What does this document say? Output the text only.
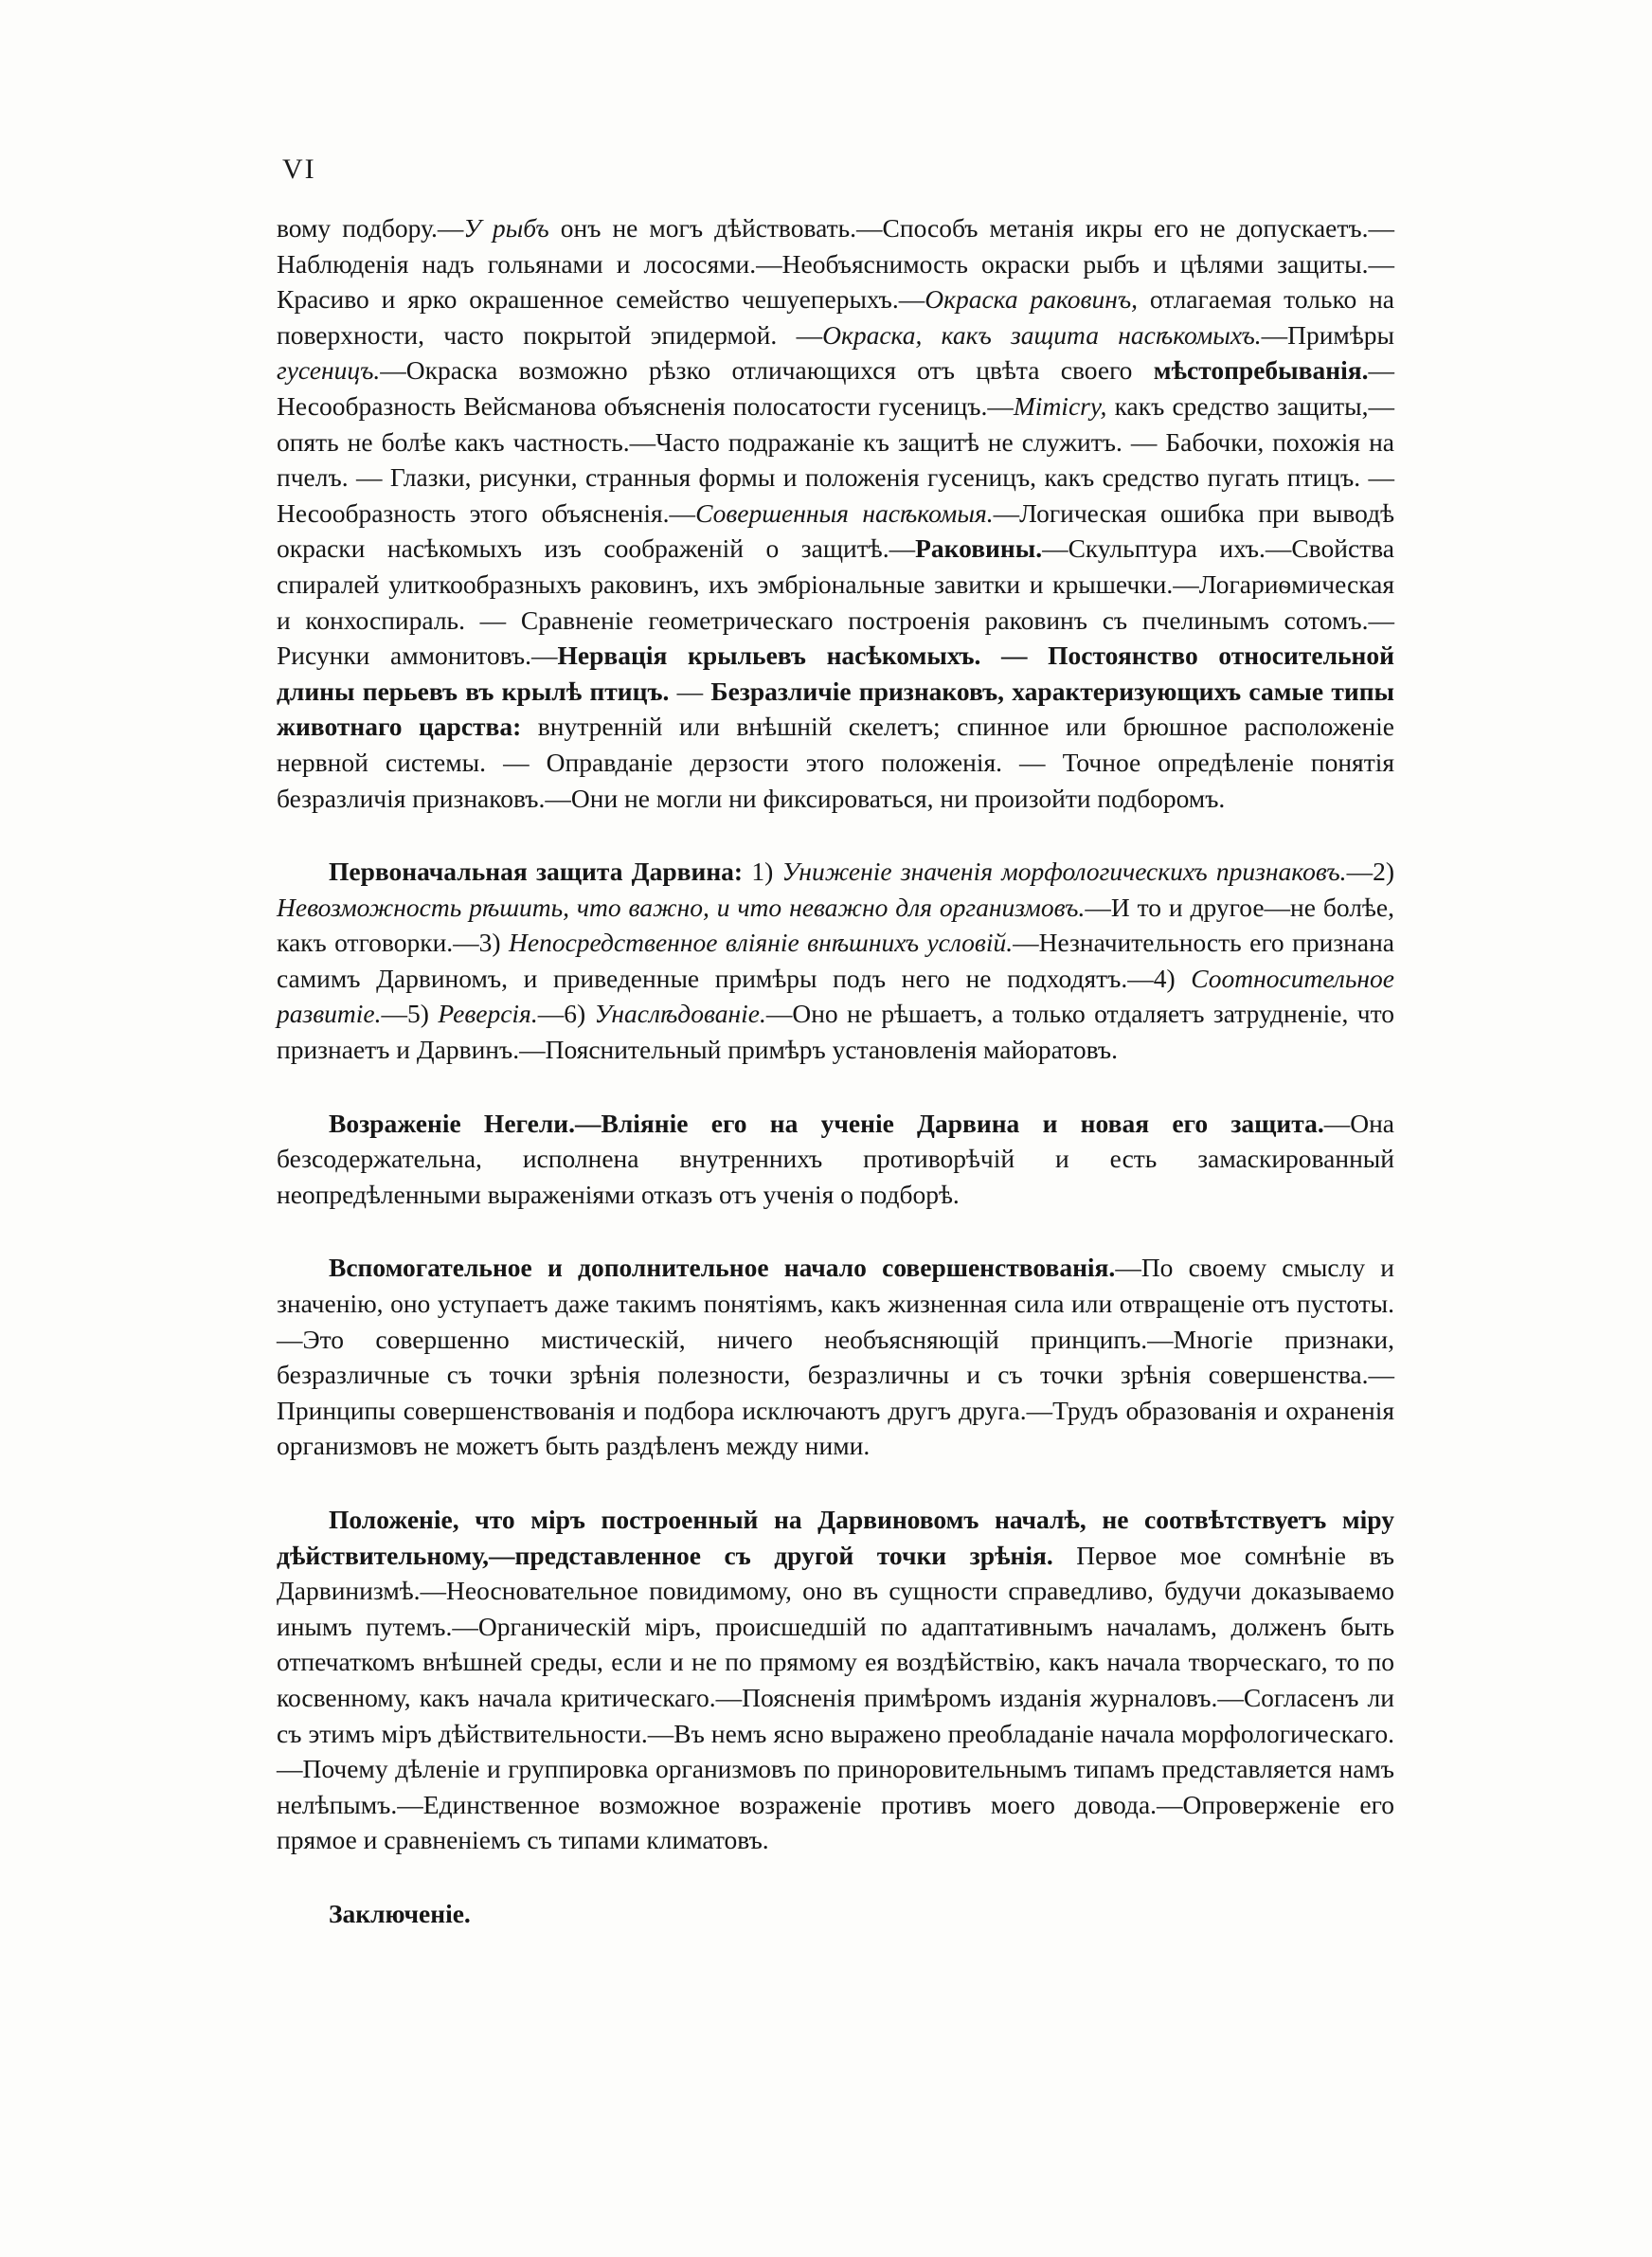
VI

вому подбору.—У рыбъ онъ не могъ дѣйствовать.—Способъ метанія икры его не допускаетъ.—Наблюденія надъ гольянами и лососями.—Необъяснимость окраски рыбъ и цѣлями защиты.—Красиво и ярко окрашенное семейство чешуеперыхъ.—Окраска раковинъ, отлагаемая только на поверхности, часто покрытой эпидермой. —Окраска, какъ защита насѣкомыхъ.—Примѣры гусеницъ.—Окраска возможно рѣзко отличающихся отъ цвѣта своего мѣстопребыванія.—Несообразность Вейсманова объясненія полосатости гусеницъ.—Mimicry, какъ средство защиты,—опять не болѣе какъ частность.—Часто подражаніе къ защитѣ не служитъ. — Бабочки, похожія на пчелъ. — Глазки, рисунки, странныя формы и положенія гусеницъ, какъ средство пугать птицъ. — Несообразность этого объясненія.—Совершенныя насѣкомыя.—Логическая ошибка при выводѣ окраски насѣкомыхъ изъ соображеній о защитѣ.—Раковины.—Скульптура ихъ.—Свойства спиралей улиткообразныхъ раковинъ, ихъ эмбріональные завитки и крышечки.—Логариѳмическая и конхоспираль. — Сравненіе геометрическаго построенія раковинъ съ пчелинымъ сотомъ.—Рисунки аммонитовъ.—Нервація крыльевъ насѣкомыхъ. — Постоянство относительной длины перьевъ въ крылѣ птицъ. — Безразличіе признаковъ, характеризующихъ самые типы животнаго царства: внутренній или внѣшній скелетъ; спинное или брюшное расположеніе нервной системы. — Оправданіе дерзости этого положенія. — Точное опредѣленіе понятія безразличія признаковъ.—Они не могли ни фиксироваться, ни произойти подборомъ.

Первоначальная защита Дарвина: 1) Униженіе значенія морфологическихъ признаковъ.—2) Невозможность рѣшить, что важно, и что неважно для организмовъ.—И то и другое—не болѣе, какъ отговорки.—3) Непосредственное вліяніе внѣшнихъ условій.—Незначительность его признана самимъ Дарвиномъ, и приведенные примѣры подъ него не подходятъ.—4) Соотносительное развитіе.—5) Реверсія.—6) Унаслѣдованіе.—Оно не рѣшаетъ, а только отдаляетъ затрудненіе, что признаетъ и Дарвинъ.—Пояснительный примѣръ установленія майоратовъ.

Возраженіе Негели.—Вліяніе его на ученіе Дарвина и новая его защита.—Она безсодержательна, исполнена внутреннихъ противорѣчій и есть замаскированный неопредѣленными выраженіями отказъ отъ ученія о подборѣ.

Вспомогательное и дополнительное начало совершенствованія.—По своему смыслу и значенію, оно уступаетъ даже такимъ понятіямъ, какъ жизненная сила или отвращеніе отъ пустоты.—Это совершенно мистическій, ничего необъясняющій принципъ.—Многіе признаки, безразличные съ точки зрѣнія полезности, безразличны и съ точки зрѣнія совершенства.—Принципы совершенствованія и подбора исключаютъ другъ друга.—Трудъ образованія и охраненія организмовъ не можетъ быть раздѣленъ между ними.

Положеніе, что міръ построенный на Дарвиновомъ началѣ, не соотвѣтствуетъ міру дѣйствительному,—представленное съ другой точки зрѣнія. Первое мое сомнѣніе въ Дарвинизмѣ.—Неосновательное повидимому, оно въ сущности справедливо, будучи доказываемо инымъ путемъ.—Органическій міръ, происшедшій по адаптативнымъ началамъ, долженъ быть отпечаткомъ внѣшней среды, если и не по прямому ея воздѣйствію, какъ начала творческаго, то по косвенному, какъ начала критическаго.—Поясненія примѣромъ изданія журналовъ.—Согласенъ ли съ этимъ міръ дѣйствительности.—Въ немъ ясно выражено преобладаніе начала морфологическаго.—Почему дѣленіе и группировка организмовъ по приноровительнымъ типамъ представляется намъ нелѣпымъ.—Единственное возможное возраженіе противъ моего довода.—Опроверженіе его прямое и сравненіемъ съ типами климатовъ.

Заключеніе.
